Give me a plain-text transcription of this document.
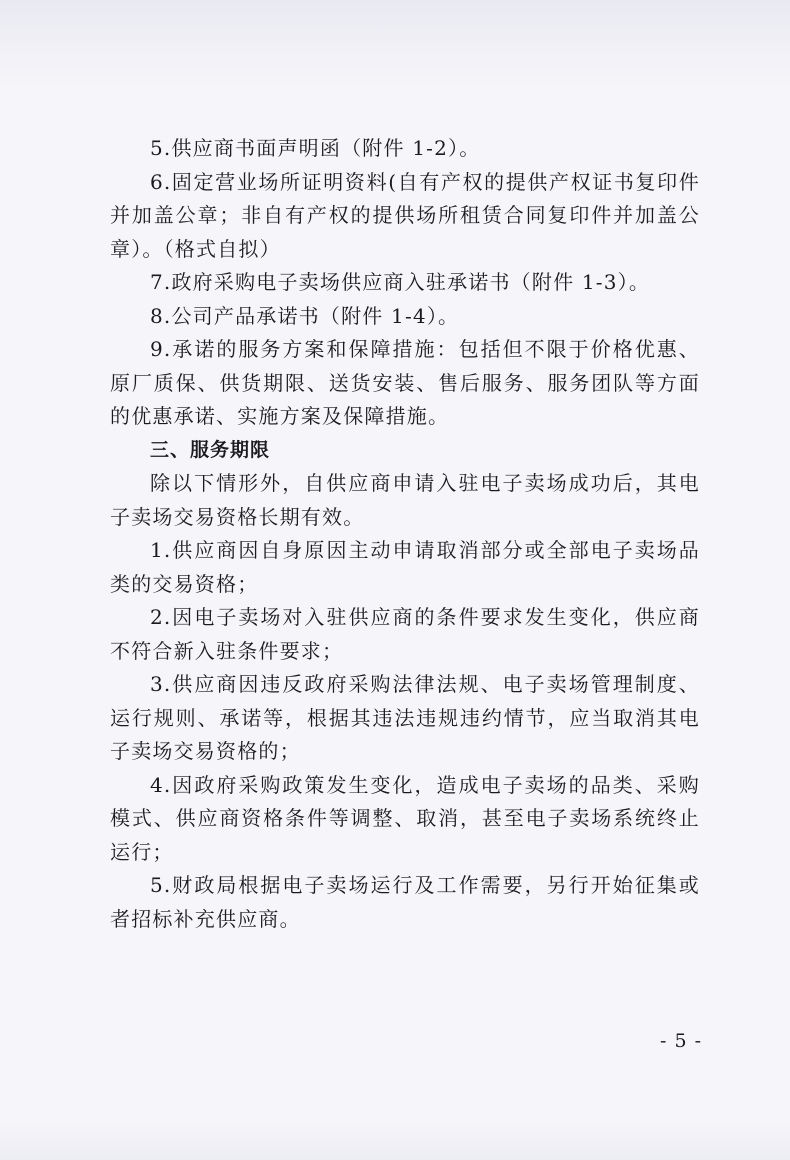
5.供应商书面声明函（附件 1-2）。

6.固定营业场所证明资料(自有产权的提供产权证书复印件并加盖公章；非自有产权的提供场所租赁合同复印件并加盖公章）。（格式自拟）

7.政府采购电子卖场供应商入驻承诺书（附件 1-3）。

8.公司产品承诺书（附件 1-4）。

9.承诺的服务方案和保障措施：包括但不限于价格优惠、原厂质保、供货期限、送货安装、售后服务、服务团队等方面的优惠承诺、实施方案及保障措施。

三、服务期限

除以下情形外，自供应商申请入驻电子卖场成功后，其电子卖场交易资格长期有效。

1.供应商因自身原因主动申请取消部分或全部电子卖场品类的交易资格；

2.因电子卖场对入驻供应商的条件要求发生变化，供应商不符合新入驻条件要求；

3.供应商因违反政府采购法律法规、电子卖场管理制度、运行规则、承诺等，根据其违法违规违约情节，应当取消其电子卖场交易资格的；

4.因政府采购政策发生变化，造成电子卖场的品类、采购模式、供应商资格条件等调整、取消，甚至电子卖场系统终止运行；

5.财政局根据电子卖场运行及工作需要，另行开始征集或者招标补充供应商。

- 5 -
